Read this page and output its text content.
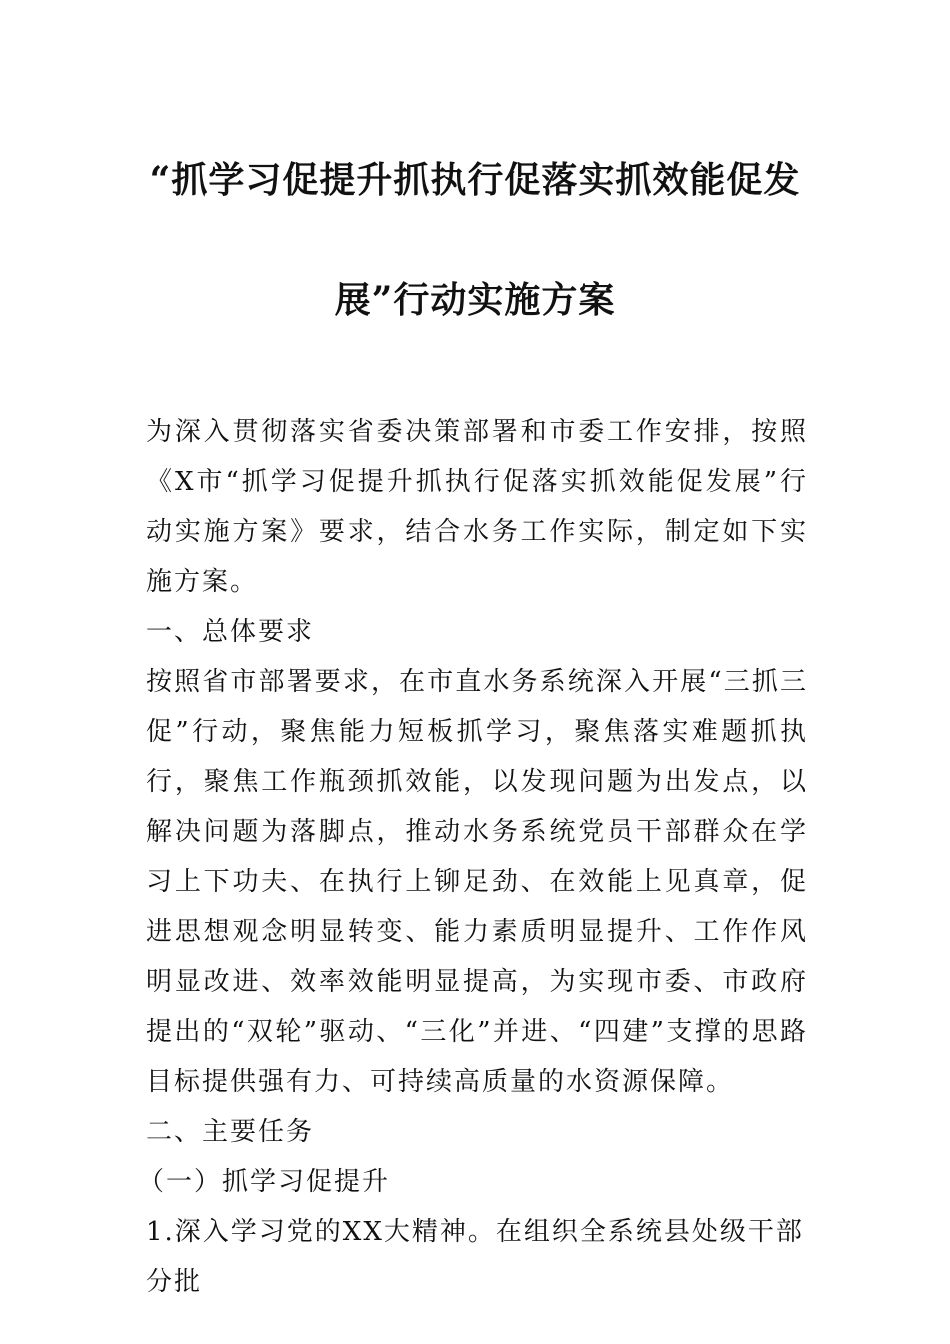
“抓学习促提升抓执行促落实抓效能促发
展”行动实施方案

为深入贯彻落实省委决策部署和市委工作安排，按照《X市“抓学习促提升抓执行促落实抓效能促发展”行动实施方案》要求，结合水务工作实际，制定如下实施方案。

一、总体要求

按照省市部署要求，在市直水务系统深入开展“三抓三促”行动，聚焦能力短板抓学习，聚焦落实难题抓执行，聚焦工作瓶颈抓效能，以发现问题为出发点，以解决问题为落脚点，推动水务系统党员干部群众在学习上下功夫、在执行上铆足劲、在效能上见真章，促进思想观念明显转变、能力素质明显提升、工作作风明显改进、效率效能明显提高，为实现市委、市政府提出的“双轮”驱动、“三化”并进、“四建”支撑的思路目标提供强有力、可持续高质量的水资源保障。

二、主要任务

（一）抓学习促提升

1.深入学习党的XX大精神。在组织全系统县处级干部分批
